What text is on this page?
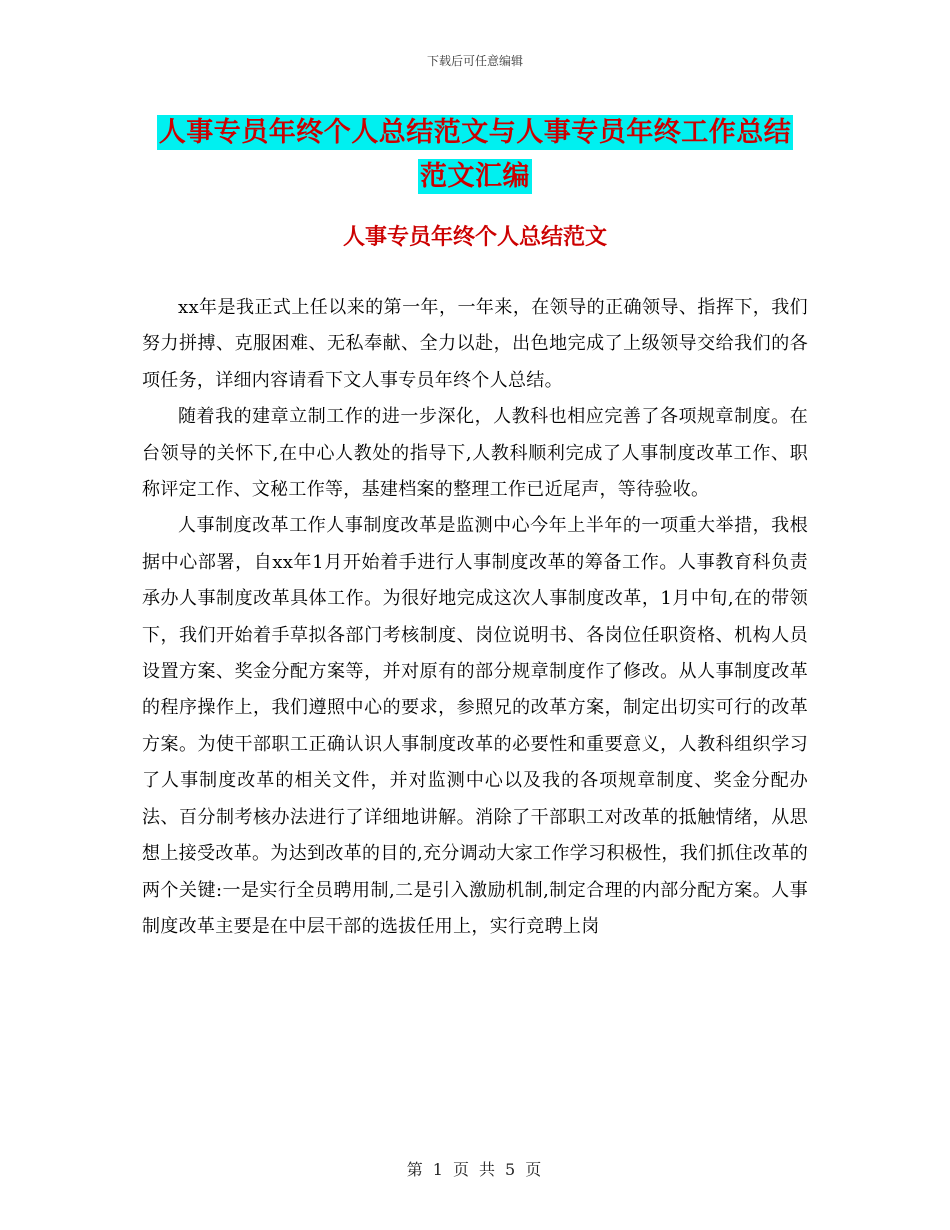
下载后可任意编辑
人事专员年终个人总结范文与人事专员年终工作总结
范文汇编
人事专员年终个人总结范文

xx年是我正式上任以来的第一年，一年来，在领导的正确领导、指挥下，我们努力拼搏、克服困难、无私奉献、全力以赴，出色地完成了上级领导交给我们的各项任务，详细内容请看下文人事专员年终个人总结。

随着我的建章立制工作的进一步深化，人教科也相应完善了各项规章制度。在台领导的关怀下,在中心人教处的指导下,人教科顺利完成了人事制度改革工作、职称评定工作、文秘工作等，基建档案的整理工作已近尾声，等待验收。

人事制度改革工作人事制度改革是监测中心今年上半年的一项重大举措，我根据中心部署，自xx年1月开始着手进行人事制度改革的筹备工作。人事教育科负责承办人事制度改革具体工作。为很好地完成这次人事制度改革，1月中旬,在的带领下，我们开始着手草拟各部门考核制度、岗位说明书、各岗位任职资格、机构人员设置方案、奖金分配方案等，并对原有的部分规章制度作了修改。从人事制度改革的程序操作上，我们遵照中心的要求，参照兄的改革方案，制定出切实可行的改革方案。为使干部职工正确认识人事制度改革的必要性和重要意义，人教科组织学习了人事制度改革的相关文件，并对监测中心以及我的各项规章制度、奖金分配办法、百分制考核办法进行了详细地讲解。消除了干部职工对改革的抵触情绪，从思想上接受改革。为达到改革的目的,充分调动大家工作学习积极性，我们抓住改革的两个关键:一是实行全员聘用制,二是引入激励机制,制定合理的内部分配方案。人事制度改革主要是在中层干部的选拔任用上，实行竞聘上岗

第 1 页 共 5 页
